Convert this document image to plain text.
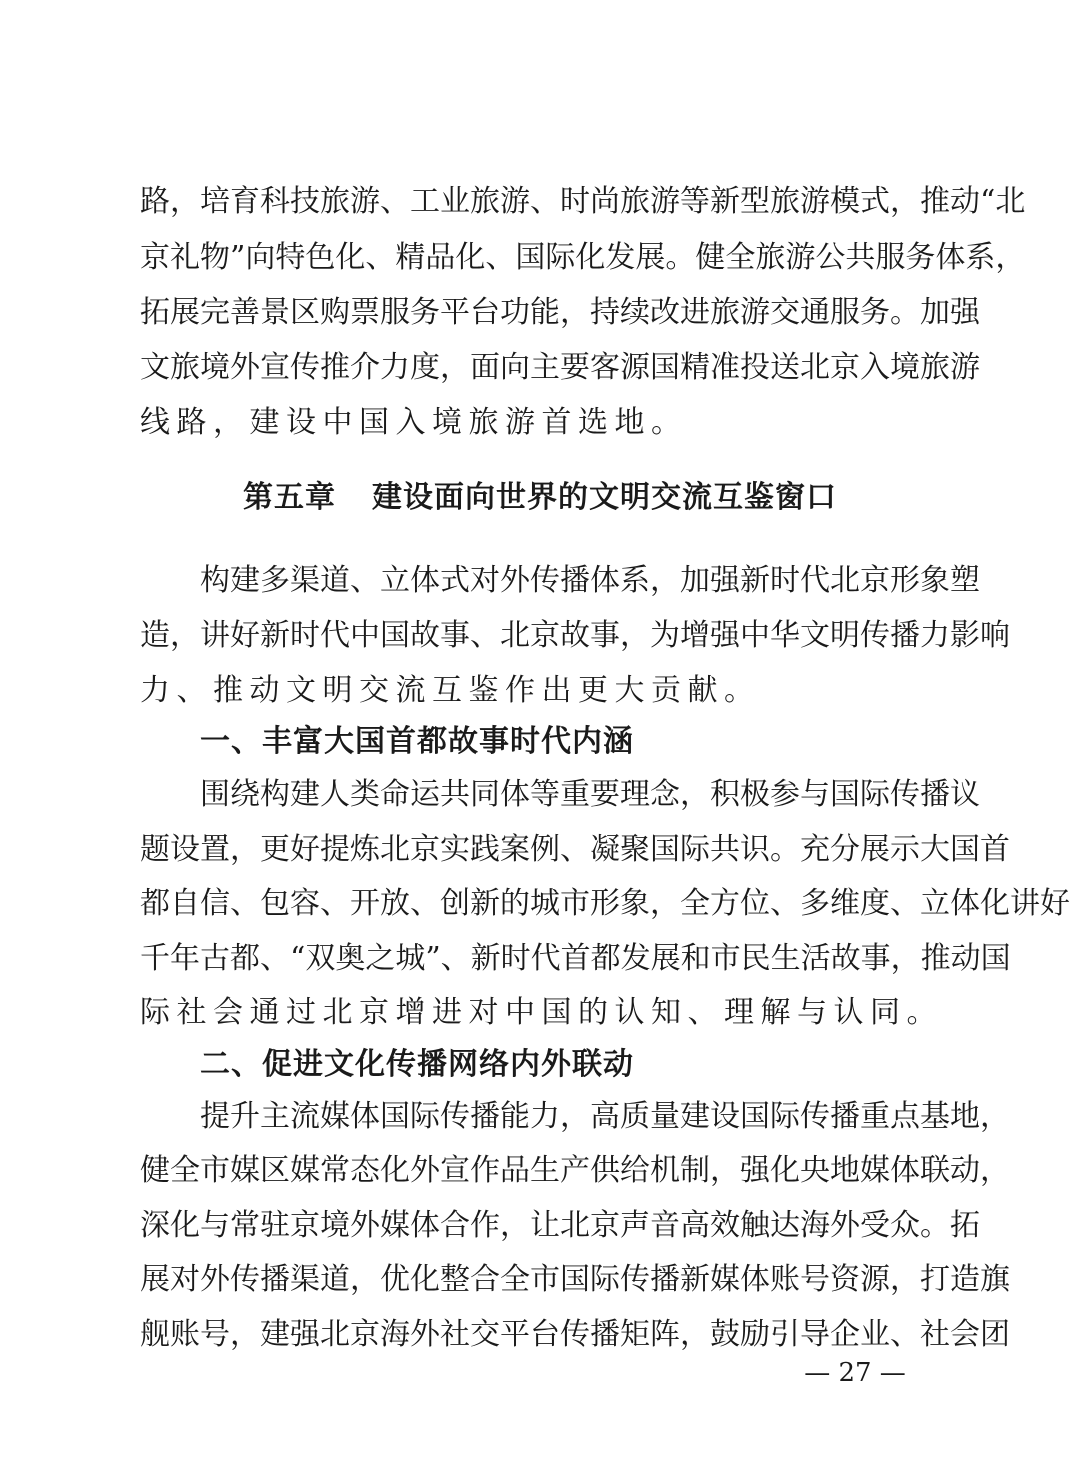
路，培育科技旅游、工业旅游、时尚旅游等新型旅游模式，推动“北
京礼物”向特色化、精品化、国际化发展。健全旅游公共服务体系，
拓展完善景区购票服务平台功能，持续改进旅游交通服务。加强
文旅境外宣传推介力度，面向主要客源国精准投送北京入境旅游
线路，建设中国入境旅游首选地。
第五章 建设面向世界的文明交流互鉴窗口
构建多渠道、立体式对外传播体系，加强新时代北京形象塑
造，讲好新时代中国故事、北京故事，为增强中华文明传播力影响
力、推动文明交流互鉴作出更大贡献。
一、丰富大国首都故事时代内涵
围绕构建人类命运共同体等重要理念，积极参与国际传播议
题设置，更好提炼北京实践案例、凝聚国际共识。充分展示大国首
都自信、包容、开放、创新的城市形象，全方位、多维度、立体化讲好
千年古都、“双奥之城”、新时代首都发展和市民生活故事，推动国
际社会通过北京增进对中国的认知、理解与认同。
二、促进文化传播网络内外联动
提升主流媒体国际传播能力，高质量建设国际传播重点基地，
健全市媒区媒常态化外宣作品生产供给机制，强化央地媒体联动，
深化与常驻京境外媒体合作，让北京声音高效触达海外受众。拓
展对外传播渠道，优化整合全市国际传播新媒体账号资源，打造旗
舰账号，建强北京海外社交平台传播矩阵，鼓励引导企业、社会团
— 27 —
